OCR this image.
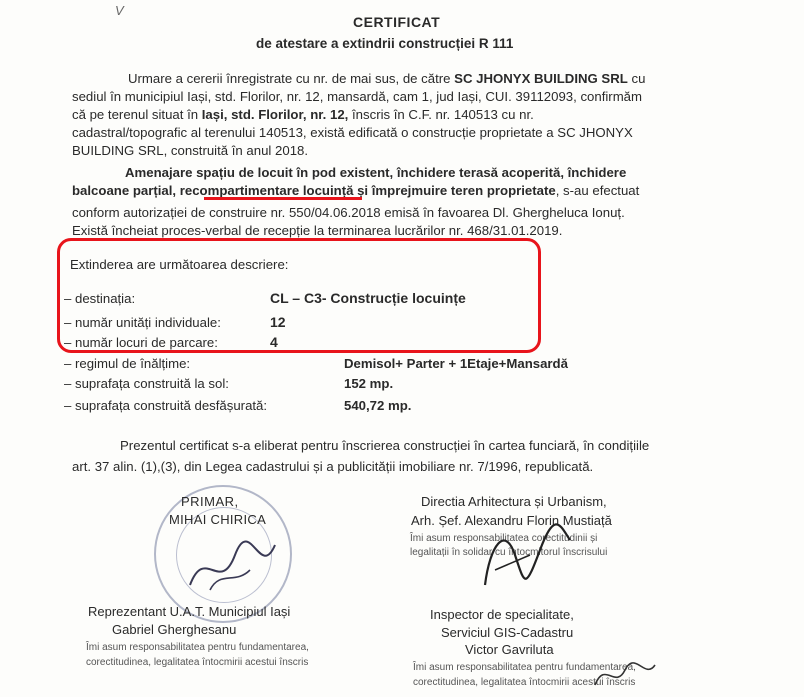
V
CERTIFICAT
de atestare a extindrii construcției R 111
Urmare a cererii înregistrate cu nr. de mai sus, de către SC JHONYX BUILDING SRL cu
sediul în municipiul Iași, std. Florilor, nr. 12, mansardă, cam 1, jud Iași, CUI. 39112093, confirmăm
că pe terenul situat în Iași, std. Florilor, nr. 12, înscris în C.F. nr. 140513 cu nr.
cadastral/topografic al terenului 140513, există edificată o construcție proprietate a SC JHONYX
BUILDING SRL, construită în anul 2018.
Amenajare spațiu de locuit în pod existent, închidere terasă acoperită, închidere
balcoane parțial, recompartimentare locuință și împrejmuire teren proprietate, s-au efectuat
conform autorizației de construire nr. 550/04.06.2018 emisă în favoarea Dl. Ghergheluca Ionuț.
Există încheiat proces-verbal de recepție la terminarea lucrărilor nr. 468/31.01.2019.
Extinderea are următoarea descriere:
– destinația:	CL – C3- Construcție locuințe
– număr unități individuale:	12
– număr locuri de parcare:	4
– regimul de înălțime:	Demisol+ Parter + 1Etaje+Mansardă
– suprafața construită la sol:	152 mp.
– suprafața construită desfășurată:	540,72 mp.
Prezentul certificat s-a eliberat pentru înscrierea construcției în cartea funciară, în condițiile
art. 37 alin. (1),(3), din Legea cadastrului și a publicității imobiliare nr. 7/1996, republicată.
PRIMAR,
MIHAI CHIRICA
Directia Arhitectura și Urbanism,
Arh. Șef. Alexandru Florin Mustiață
Îmi asum responsabilitatea corectitudinii și
legalitații în solidar cu întocmitorul înscrisului
Reprezentant U.A.T. Municipiul Iași
Gabriel Gherghesanu
Îmi asum responsabilitatea pentru fundamentarea,
corectitudinea, legalitatea întocmirii acestui înscris
Inspector de specialitate,
Serviciul GIS-Cadastru
Victor Gavriluta
Îmi asum responsabilitatea pentru fundamentarea,
corectitudinea, legalitatea întocmirii acestui înscris
